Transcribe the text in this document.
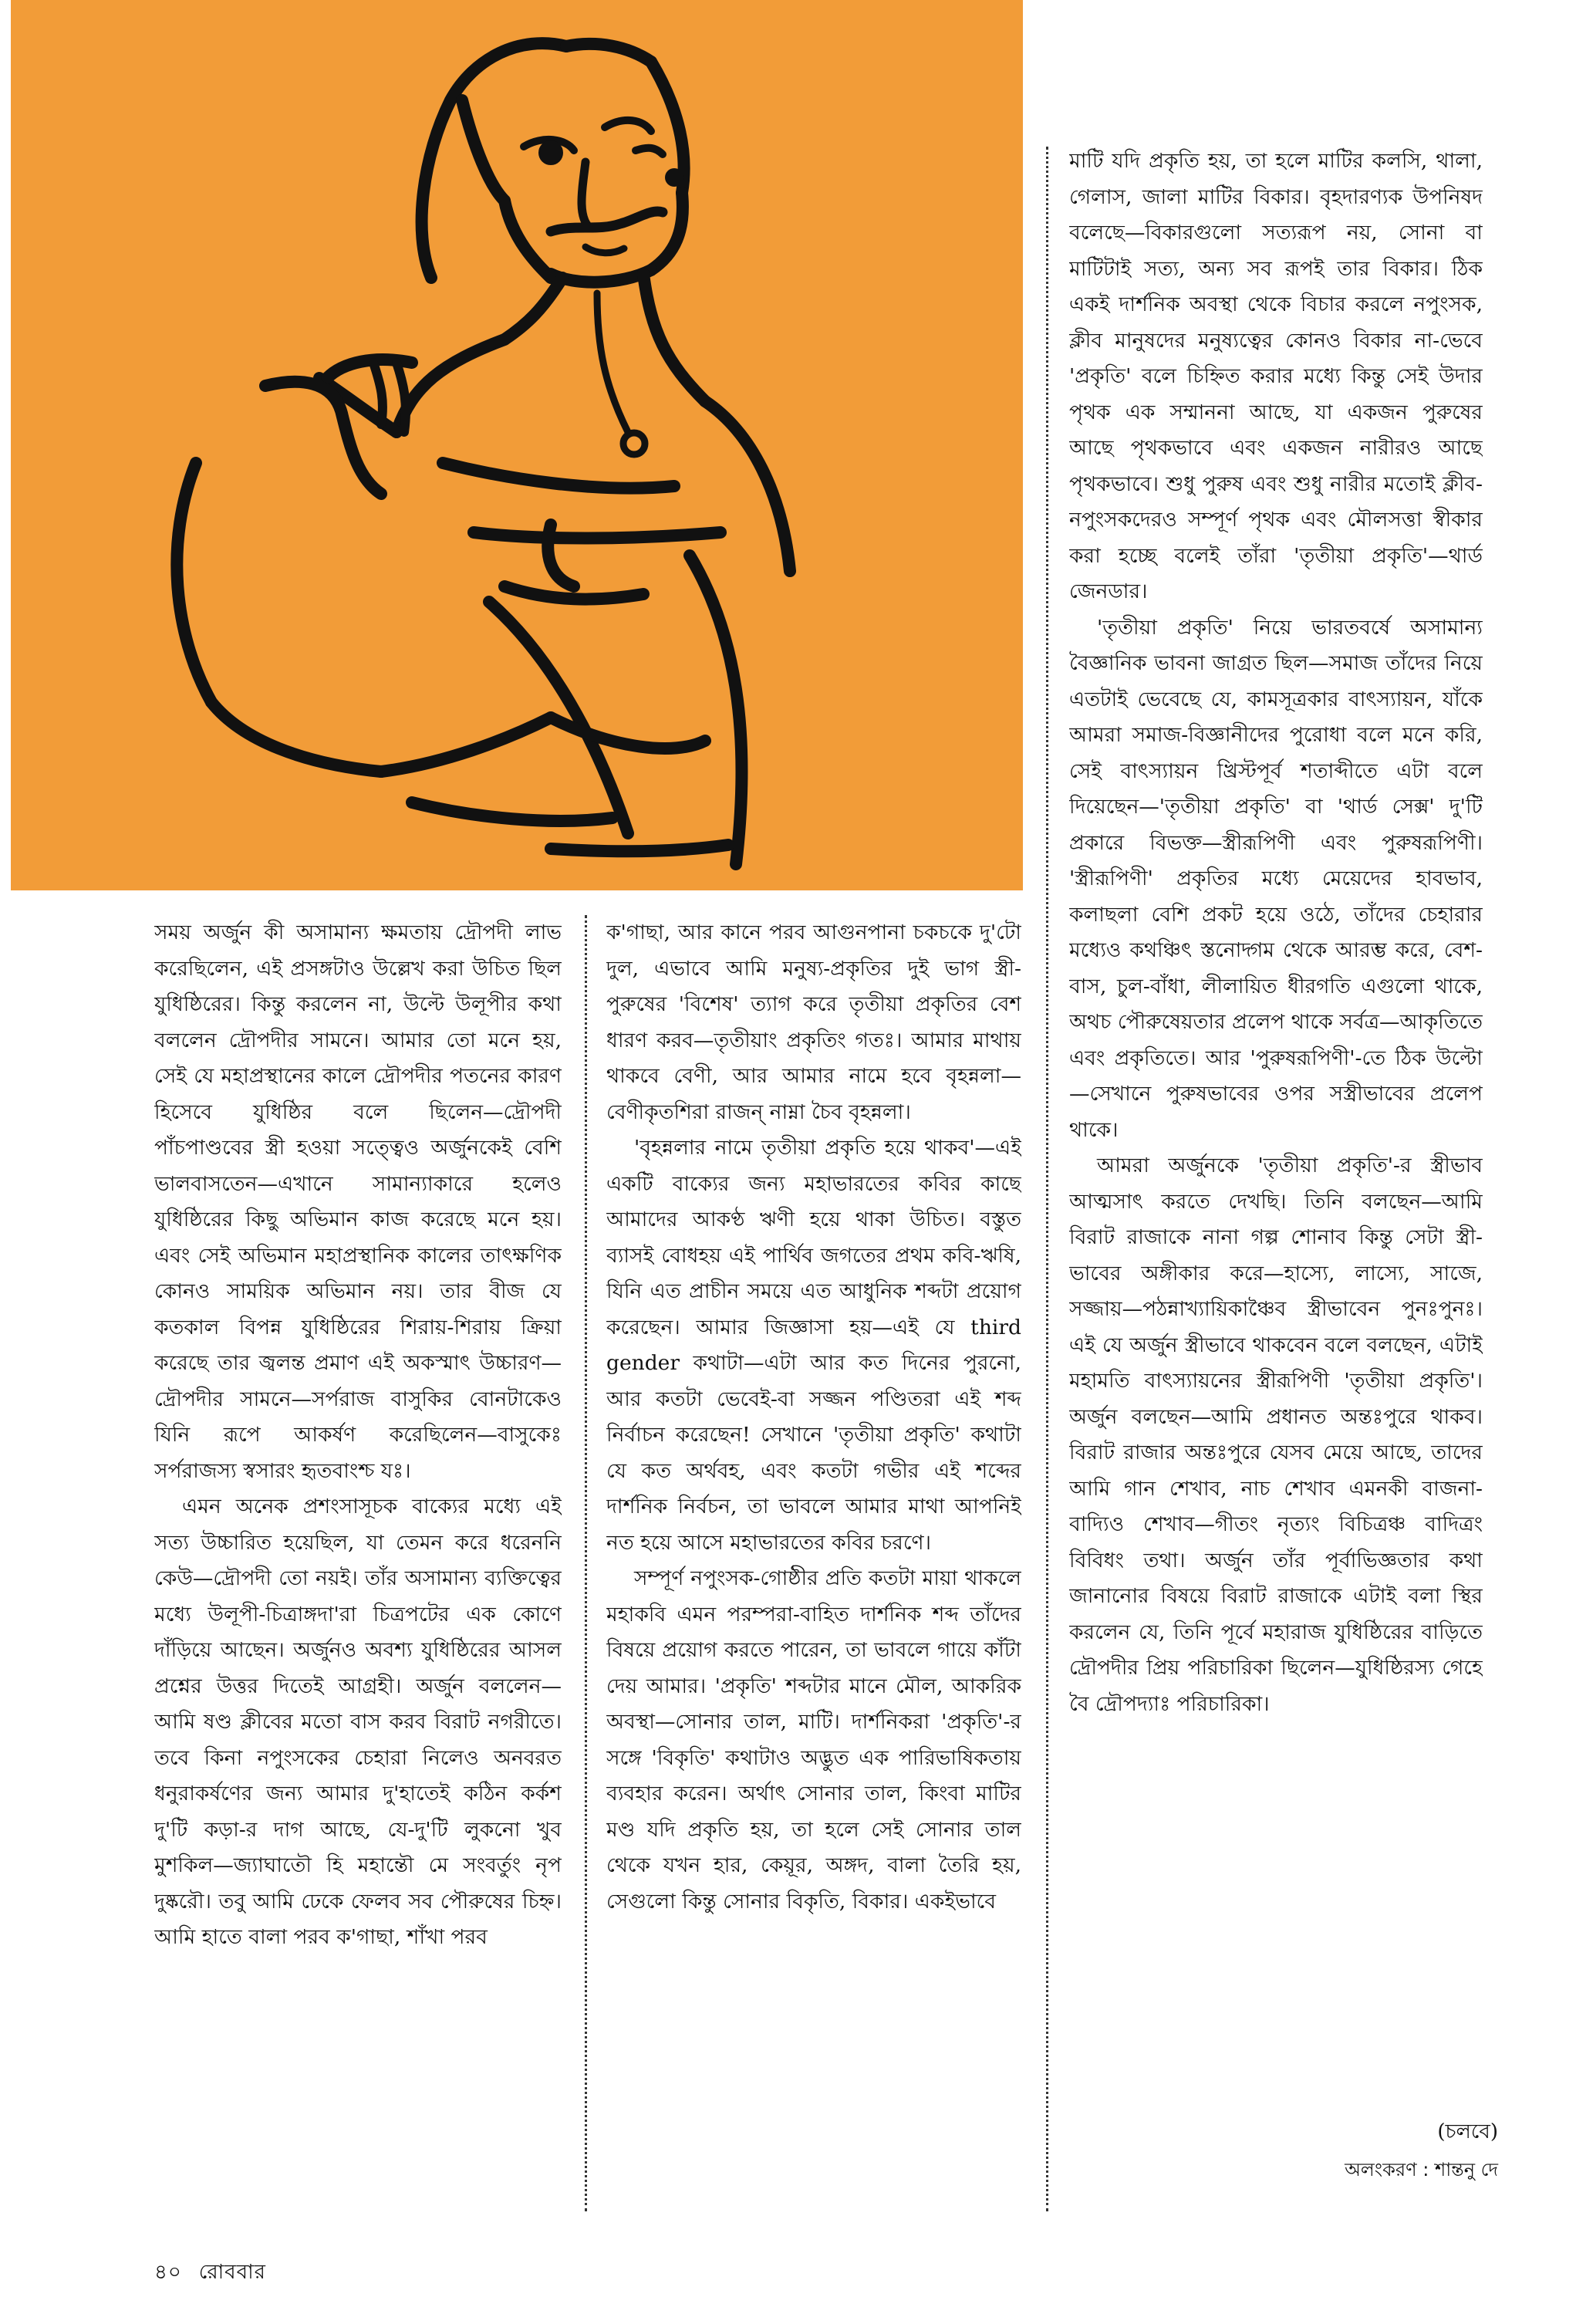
সময় অর্জুন কী অসামান্য ক্ষমতায় দ্রৌপদী লাভ করেছিলেন, এই প্রসঙ্গটাও উল্লেখ করা উচিত ছিল যুধিষ্ঠিরের। কিন্তু করলেন না, উল্টে উলূপীর কথা বললেন দ্রৌপদীর সামনে। আমার তো মনে হয়, সেই যে মহাপ্রস্থানের কালে দ্রৌপদীর পতনের কারণ হিসেবে যুধিষ্ঠির বলে ছিলেন—দ্রৌপদী পাঁচপাণ্ডবের স্ত্রী হওয়া সত্ত্বেও অর্জুনকেই বেশি ভালবাসতেন—এখানে সামান্যাকারে হলেও যুধিষ্ঠিরের কিছু অভিমান কাজ করেছে মনে হয়। এবং সেই অভিমান মহাপ্রস্থানিক কালের তাৎক্ষণিক কোনও সাময়িক অভিমান নয়। তার বীজ যে কতকাল বিপন্ন যুধিষ্ঠিরের শিরায়-শিরায় ক্রিয়া করেছে তার জ্বলন্ত প্রমাণ এই অকস্মাৎ উচ্চারণ—দ্রৌপদীর সামনে—সর্পরাজ বাসুকির বোনটাকেও যিনি রূপে আকর্ষণ করেছিলেন—বাসুকেঃ সর্পরাজস্য স্বসারং হৃতবাংশ্চ যঃ।

এমন অনেক প্রশংসাসূচক বাক্যের মধ্যে এই সত্য উচ্চারিত হয়েছিল, যা তেমন করে ধরেননি কেউ—দ্রৌপদী তো নয়ই। তাঁর অসামান্য ব্যক্তিত্বের মধ্যে উলূপী-চিত্রাঙ্গদা'রা চিত্রপটের এক কোণে দাঁড়িয়ে আছেন। অর্জুনও অবশ্য যুধিষ্ঠিরের আসল প্রশ্নের উত্তর দিতেই আগ্রহী। অর্জুন বললেন—আমি ষণ্ড ক্লীবের মতো বাস করব বিরাট নগরীতে। তবে কিনা নপুংসকের চেহারা নিলেও অনবরত ধনুরাকর্ষণের জন্য আমার দু'হাতেই কঠিন কর্কশ দু'টি কড়া-র দাগ আছে, যে-দু'টি লুকনো খুব মুশকিল—জ্যাঘাতৌ হি মহান্তৌ মে সংবর্তুং নৃপ দুষ্করৌ। তবু আমি ঢেকে ফেলব সব পৌরুষের চিহ্ন। আমি হাতে বালা পরব ক'গাছা, শাঁখা পরব

ক'গাছা, আর কানে পরব আগুনপানা চকচকে দু'টো দুল, এভাবে আমি মনুষ্য-প্রকৃতির দুই ভাগ স্ত্রী-পুরুষের 'বিশেষ' ত্যাগ করে তৃতীয়া প্রকৃতির বেশ ধারণ করব—তৃতীয়াং প্রকৃতিং গতঃ। আমার মাথায় থাকবে বেণী, আর আমার নামে হবে বৃহন্নলা—বেণীকৃতশিরা রাজন্ নাম্না চৈব বৃহন্নলা।

'বৃহন্নলার নামে তৃতীয়া প্রকৃতি হয়ে থাকব'—এই একটি বাক্যের জন্য মহাভারতের কবির কাছে আমাদের আকণ্ঠ ঋণী হয়ে থাকা উচিত। বস্তুত ব্যাসই বোধহয় এই পার্থিব জগতের প্রথম কবি-ঋষি, যিনি এত প্রাচীন সময়ে এত আধুনিক শব্দটা প্রয়োগ করেছেন। আমার জিজ্ঞাসা হয়—এই যে third gender কথাটা—এটা আর কত দিনের পুরনো, আর কতটা ভেবেই-বা সজ্জন পণ্ডিতরা এই শব্দ নির্বাচন করেছেন! সেখানে 'তৃতীয়া প্রকৃতি' কথাটা যে কত অর্থবহ, এবং কতটা গভীর এই শব্দের দার্শনিক নির্বচন, তা ভাবলে আমার মাথা আপনিই নত হয়ে আসে মহাভারতের কবির চরণে।

সম্পূর্ণ নপুংসক-গোষ্ঠীর প্রতি কতটা মায়া থাকলে মহাকবি এমন পরম্পরা-বাহিত দার্শনিক শব্দ তাঁদের বিষয়ে প্রয়োগ করতে পারেন, তা ভাবলে গায়ে কাঁটা দেয় আমার। 'প্রকৃতি' শব্দটার মানে মৌল, আকরিক অবস্থা—সোনার তাল, মাটি। দার্শনিকরা 'প্রকৃতি'-র সঙ্গে 'বিকৃতি' কথাটাও অদ্ভুত এক পারিভাষিকতায় ব্যবহার করেন। অর্থাৎ সোনার তাল, কিংবা মাটির মণ্ড যদি প্রকৃতি হয়, তা হলে সেই সোনার তাল থেকে যখন হার, কেয়ূর, অঙ্গদ, বালা তৈরি হয়, সেগুলো কিন্তু সোনার বিকৃতি, বিকার। একইভাবে

মাটি যদি প্রকৃতি হয়, তা হলে মাটির কলসি, থালা, গেলাস, জালা মাটির বিকার। বৃহদারণ্যক উপনিষদ বলেছে—বিকারগুলো সত্যরূপ নয়, সোনা বা মাটিটাই সত্য, অন্য সব রূপই তার বিকার। ঠিক একই দার্শনিক অবস্থা থেকে বিচার করলে নপুংসক, ক্লীব মানুষদের মনুষ্যত্বের কোনও বিকার না-ভেবে 'প্রকৃতি' বলে চিহ্নিত করার মধ্যে কিন্তু সেই উদার পৃথক এক সম্মাননা আছে, যা একজন পুরুষের আছে পৃথকভাবে এবং একজন নারীরও আছে পৃথকভাবে। শুধু পুরুষ এবং শুধু নারীর মতোই ক্লীব-নপুংসকদেরও সম্পূর্ণ পৃথক এবং মৌলসত্তা স্বীকার করা হচ্ছে বলেই তাঁরা 'তৃতীয়া প্রকৃতি'—থার্ড জেনডার।

'তৃতীয়া প্রকৃতি' নিয়ে ভারতবর্ষে অসামান্য বৈজ্ঞানিক ভাবনা জাগ্রত ছিল—সমাজ তাঁদের নিয়ে এতটাই ভেবেছে যে, কামসূত্রকার বাৎস্যায়ন, যাঁকে আমরা সমাজ-বিজ্ঞানীদের পুরোধা বলে মনে করি, সেই বাৎস্যায়ন খ্রিস্টপূর্ব শতাব্দীতে এটা বলে দিয়েছেন—'তৃতীয়া প্রকৃতি' বা 'থার্ড সেক্স' দু'টি প্রকারে বিভক্ত—স্ত্রীরূপিণী এবং পুরুষরূপিণী। 'স্ত্রীরূপিণী' প্রকৃতির মধ্যে মেয়েদের হাবভাব, কলাছলা বেশি প্রকট হয়ে ওঠে, তাঁদের চেহারার মধ্যেও কথঞ্চিৎ স্তনোদ্গম থেকে আরম্ভ করে, বেশ-বাস, চুল-বাঁধা, লীলায়িত ধীরগতি এগুলো থাকে, অথচ পৌরুষেয়তার প্রলেপ থাকে সর্বত্র—আকৃতিতে এবং প্রকৃতিতে। আর 'পুরুষরূপিণী'-তে ঠিক উল্টো—সেখানে পুরুষভাবের ওপর সস্ত্রীভাবের প্রলেপ থাকে।

আমরা অর্জুনকে 'তৃতীয়া প্রকৃতি'-র স্ত্রীভাব আত্মসাৎ করতে দেখছি। তিনি বলছেন—আমি বিরাট রাজাকে নানা গল্প শোনাব কিন্তু সেটা স্ত্রী-ভাবের অঙ্গীকার করে—হাস্যে, লাস্যে, সাজে, সজ্জায়—পঠন্নাখ্যায়িকাঞ্চৈব স্ত্রীভাবেন পুনঃপুনঃ। এই যে অর্জুন স্ত্রীভাবে থাকবেন বলে বলছেন, এটাই মহামতি বাৎস্যায়নের স্ত্রীরূপিণী 'তৃতীয়া প্রকৃতি'। অর্জুন বলছেন—আমি প্রধানত অন্তঃপুরে থাকব। বিরাট রাজার অন্তঃপুরে যেসব মেয়ে আছে, তাদের আমি গান শেখাব, নাচ শেখাব এমনকী বাজনা-বাদ্যিও শেখাব—গীতং নৃত্যং বিচিত্রঞ্চ বাদিত্রং বিবিধং তথা। অর্জুন তাঁর পূর্বাভিজ্ঞতার কথা জানানোর বিষয়ে বিরাট রাজাকে এটাই বলা স্থির করলেন যে, তিনি পূর্বে মহারাজ যুধিষ্ঠিরের বাড়িতে দ্রৌপদীর প্রিয় পরিচারিকা ছিলেন—যুধিষ্ঠিরস্য গেহে বৈ দ্রৌপদ্যাঃ পরিচারিকা।

(চলবে)
অলংকরণ : শান্তনু দে
৪০ রোববার
